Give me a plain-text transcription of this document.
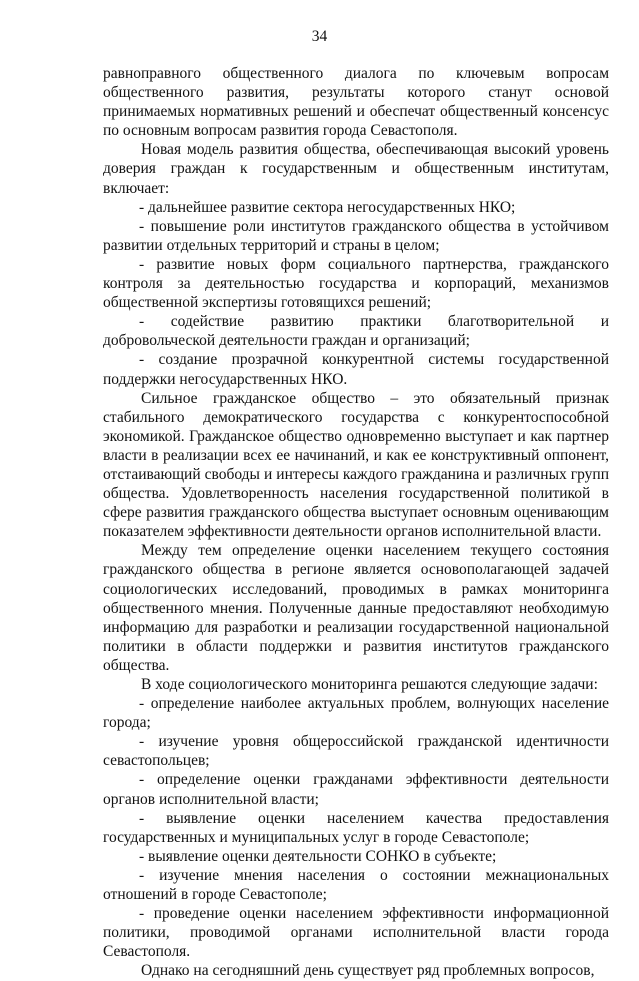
34

равноправного общественного диалога по ключевым вопросам общественного развития, результаты которого станут основой принимаемых нормативных решений и обеспечат общественный консенсус по основным вопросам развития города Севастополя.

Новая модель развития общества, обеспечивающая высокий уровень доверия граждан к государственным и общественным институтам, включает:

- дальнейшее развитие сектора негосударственных НКО;

- повышение роли институтов гражданского общества в устойчивом развитии отдельных территорий и страны в целом;

- развитие новых форм социального партнерства, гражданского контроля за деятельностью государства и корпораций, механизмов общественной экспертизы готовящихся решений;

- содействие развитию практики благотворительной и добровольческой деятельности граждан и организаций;

- создание прозрачной конкурентной системы государственной поддержки негосударственных НКО.

Сильное гражданское общество – это обязательный признак стабильного демократического государства с конкурентоспособной экономикой. Гражданское общество одновременно выступает и как партнер власти в реализации всех ее начинаний, и как ее конструктивный оппонент, отстаивающий свободы и интересы каждого гражданина и различных групп общества. Удовлетворенность населения государственной политикой в сфере развития гражданского общества выступает основным оценивающим показателем эффективности деятельности органов исполнительной власти.

Между тем определение оценки населением текущего состояния гражданского общества в регионе является основополагающей задачей социологических исследований, проводимых в рамках мониторинга общественного мнения. Полученные данные предоставляют необходимую информацию для разработки и реализации государственной национальной политики в области поддержки и развития институтов гражданского общества.

В ходе социологического мониторинга решаются следующие задачи:

- определение наиболее актуальных проблем, волнующих население города;

- изучение уровня общероссийской гражданской идентичности севастопольцев;

- определение оценки гражданами эффективности деятельности органов исполнительной власти;

- выявление оценки населением качества предоставления государственных и муниципальных услуг в городе Севастополе;

- выявление оценки деятельности СОНКО в субъекте;

- изучение мнения населения о состоянии межнациональных отношений в городе Севастополе;

- проведение оценки населением эффективности информационной политики, проводимой органами исполнительной власти города Севастополя.

Однако на сегодняшний день существует ряд проблемных вопросов,
